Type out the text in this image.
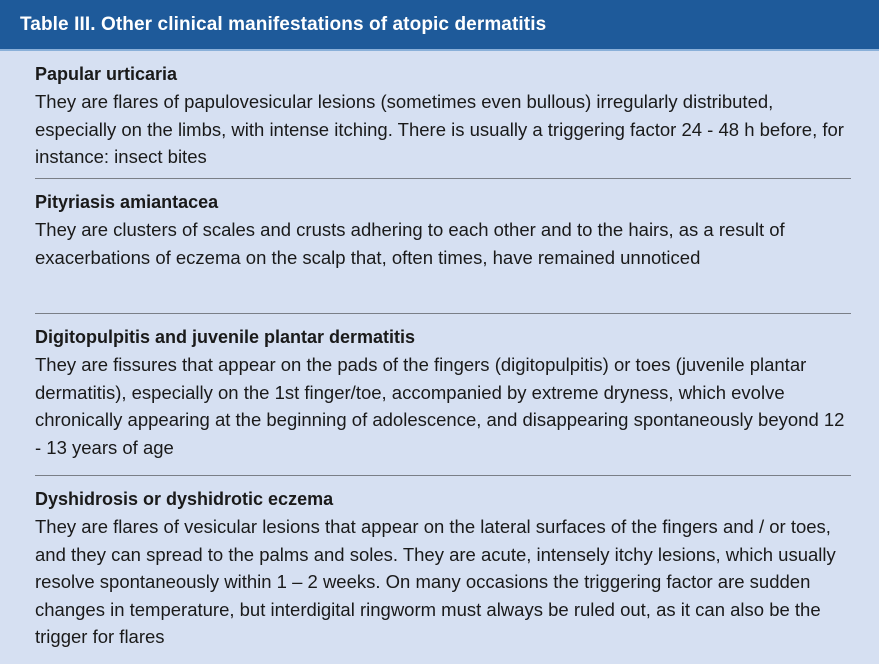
Table III. Other clinical manifestations of atopic dermatitis
Papular urticaria

They are flares of papulovesicular lesions (sometimes even bullous) irregularly distributed, especially on the limbs, with intense itching. There is usually a triggering factor 24 - 48 h before, for instance: insect bites

Pityriasis amiantacea

They are clusters of scales and crusts adhering to each other and to the hairs, as a result of exacerbations of eczema on the scalp that, often times, have remained unnoticed

Digitopulpitis and juvenile plantar dermatitis

They are fissures that appear on the pads of the fingers (digitopulpitis) or toes (juvenile plantar dermatitis), especially on the 1st finger/toe, accompanied by extreme dryness, which evolve chronically appearing at the beginning of adolescence, and disappearing spontaneously beyond 12 - 13 years of age

Dyshidrosis or dyshidrotic eczema

They are flares of vesicular lesions that appear on the lateral surfaces of the fingers and / or toes, and they can spread to the palms and soles. They are acute, intensely itchy lesions, which usually resolve spontaneously within 1 – 2 weeks. On many occasions the triggering factor are sudden changes in temperature, but interdigital ringworm must always be ruled out, as it can also be the trigger for flares
